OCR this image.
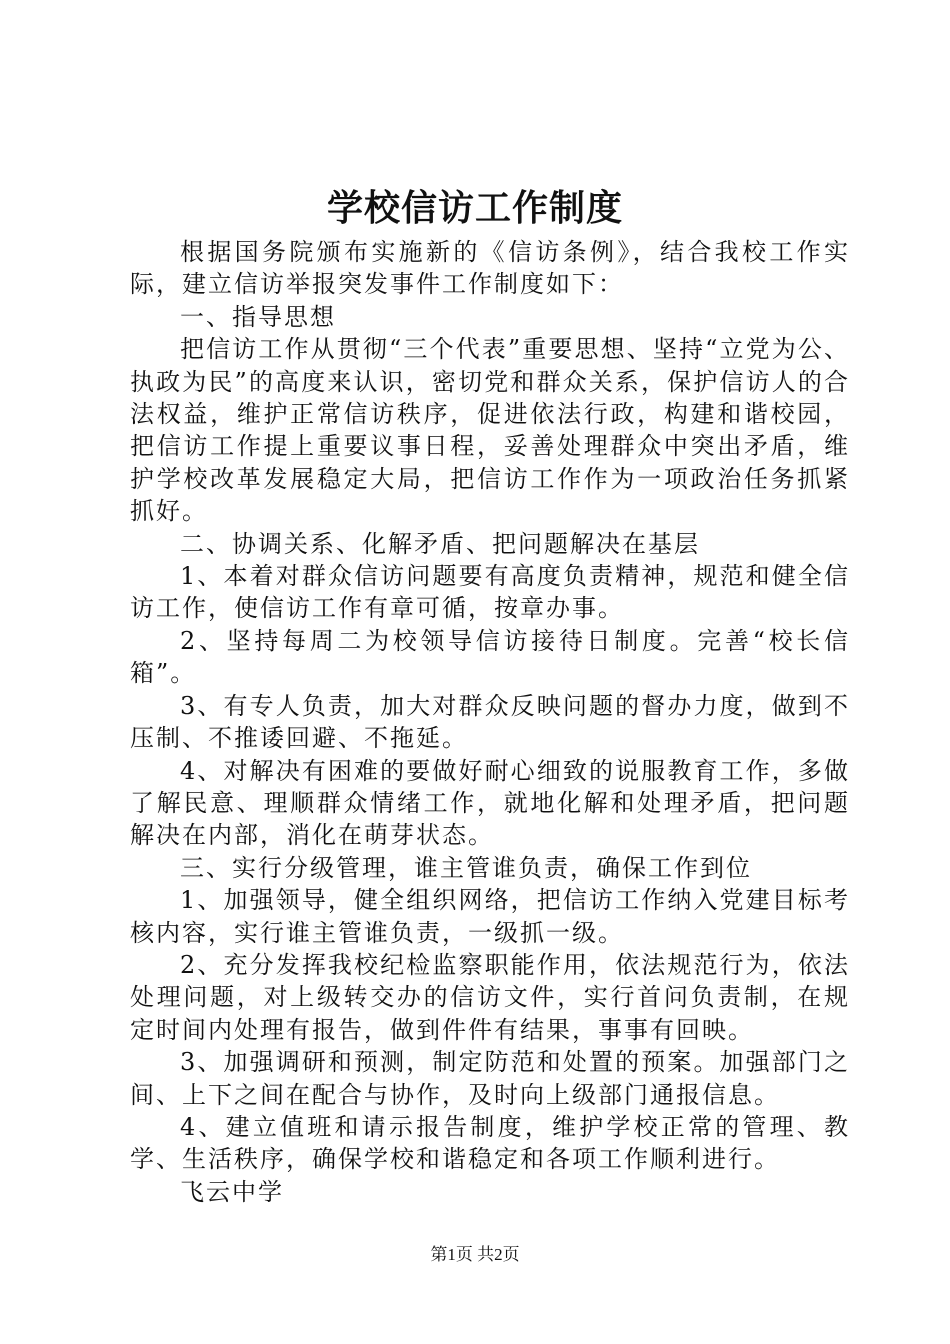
学校信访工作制度

根据国务院颁布实施新的《信访条例》，结合我校工作实际，建立信访举报突发事件工作制度如下：

一、指导思想

把信访工作从贯彻“三个代表”重要思想、坚持“立党为公、执政为民”的高度来认识，密切党和群众关系，保护信访人的合法权益，维护正常信访秩序，促进依法行政，构建和谐校园，把信访工作提上重要议事日程，妥善处理群众中突出矛盾，维护学校改革发展稳定大局，把信访工作作为一项政治任务抓紧抓好。

二、协调关系、化解矛盾、把问题解决在基层

1、本着对群众信访问题要有高度负责精神，规范和健全信访工作，使信访工作有章可循，按章办事。

2、坚持每周二为校领导信访接待日制度。完善“校长信箱”。

3、有专人负责，加大对群众反映问题的督办力度，做到不压制、不推诿回避、不拖延。

4、对解决有困难的要做好耐心细致的说服教育工作，多做了解民意、理顺群众情绪工作，就地化解和处理矛盾，把问题解决在内部，消化在萌芽状态。

三、实行分级管理，谁主管谁负责，确保工作到位

1、加强领导，健全组织网络，把信访工作纳入党建目标考核内容，实行谁主管谁负责，一级抓一级。

2、充分发挥我校纪检监察职能作用，依法规范行为，依法处理问题，对上级转交办的信访文件，实行首问负责制，在规定时间内处理有报告，做到件件有结果，事事有回映。

3、加强调研和预测，制定防范和处置的预案。加强部门之间、上下之间在配合与协作，及时向上级部门通报信息。

4、建立值班和请示报告制度，维护学校正常的管理、教学、生活秩序，确保学校和谐稳定和各项工作顺利进行。

飞云中学

第1页 共2页
